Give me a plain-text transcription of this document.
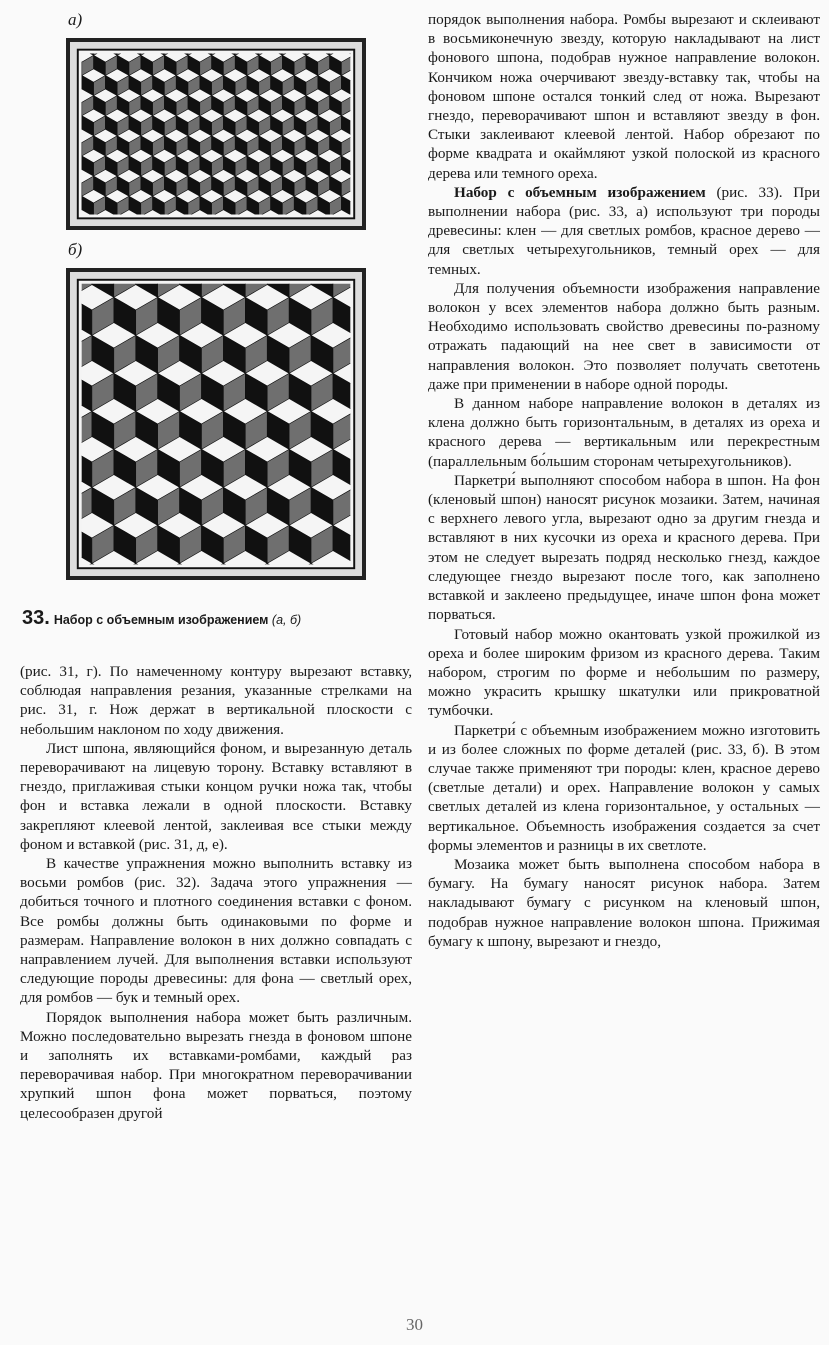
а)
б)
33. Набор с объемным изображением (а, б)

(рис. 31, г). По намеченному контуру вырезают вставку, соблюдая направления резания, указанные стрелками на рис. 31, г. Нож держат в вертикальной плоскости с небольшим наклоном по ходу движения.

Лист шпона, являющийся фоном, и вырезанную деталь переворачивают на лицевую торону. Вставку вставляют в гнездо, приглаживая стыки концом ручки ножа так, чтобы фон и вставка лежали в одной плоскости. Вставку закрепляют клеевой лентой, заклеивая все стыки между фоном и вставкой (рис. 31, д, е).

В качестве упражнения можно выполнить вставку из восьми ромбов (рис. 32). Задача этого упражнения — добиться точного и плотного соединения вставки с фоном. Все ромбы должны быть одинаковыми по форме и размерам. Направление волокон в них должно совпадать с направлением лучей. Для выполнения вставки используют следующие породы древесины: для фона — светлый орех, для ромбов — бук и темный орех.

Порядок выполнения набора может быть различным. Можно последовательно вырезать гнезда в фоновом шпоне и заполнять их вставками-ромбами, каждый раз переворачивая набор. При многократном переворачивании хрупкий шпон фона может порваться, поэтому целесообразен другой

порядок выполнения набора. Ромбы вырезают и склеивают в восьмиконечную звезду, которую накладывают на лист фонового шпона, подобрав нужное направление волокон. Кончиком ножа очерчивают звезду-вставку так, чтобы на фоновом шпоне остался тонкий след от ножа. Вырезают гнездо, переворачивают шпон и вставляют звезду в фон. Стыки заклеивают клеевой лентой. Набор обрезают по форме квадрата и окаймляют узкой полоской из красного дерева или темного ореха.

Набор с объемным изображением (рис. 33). При выполнении набора (рис. 33, а) используют три породы древесины: клен — для светлых ромбов, красное дерево — для светлых четырехугольников, темный орех — для темных.

Для получения объемности изображения направление волокон у всех элементов набора должно быть разным. Необходимо использовать свойство древесины по-разному отражать падающий на нее свет в зависимости от направления волокон. Это позволяет получать светотень даже при применении в наборе одной породы.

В данном наборе направление волокон в деталях из клена должно быть горизонтальным, в деталях из ореха и красного дерева — вертикальным или перекрестным (параллельным бо́льшим сторонам четырехугольников).

Паркетри́ выполняют способом набора в шпон. На фон (кленовый шпон) наносят рисунок мозаики. Затем, начиная с верхнего левого угла, вырезают одно за другим гнезда и вставляют в них кусочки из ореха и красного дерева. При этом не следует вырезать подряд несколько гнезд, каждое следующее гнездо вырезают после того, как заполнено вставкой и заклеено предыдущее, иначе шпон фона может порваться.

Готовый набор можно окантовать узкой прожилкой из ореха и более широким фризом из красного дерева. Таким набором, строгим по форме и небольшим по размеру, можно украсить крышку шкатулки или прикроватной тумбочки.

Паркетри́ с объемным изображением можно изготовить и из более сложных по форме деталей (рис. 33, б). В этом случае также применяют три породы: клен, красное дерево (светлые детали) и орех. Направление волокон у самых светлых деталей из клена горизонтальное, у остальных — вертикальное. Объемность изображения создается за счет формы элементов и разницы в их светлоте.

Мозаика может быть выполнена способом набора в бумагу. На бумагу наносят рисунок набора. Затем накладывают бумагу с рисунком на кленовый шпон, подобрав нужное направление волокон шпона. Прижимая бумагу к шпону, вырезают и гнездо,

30
